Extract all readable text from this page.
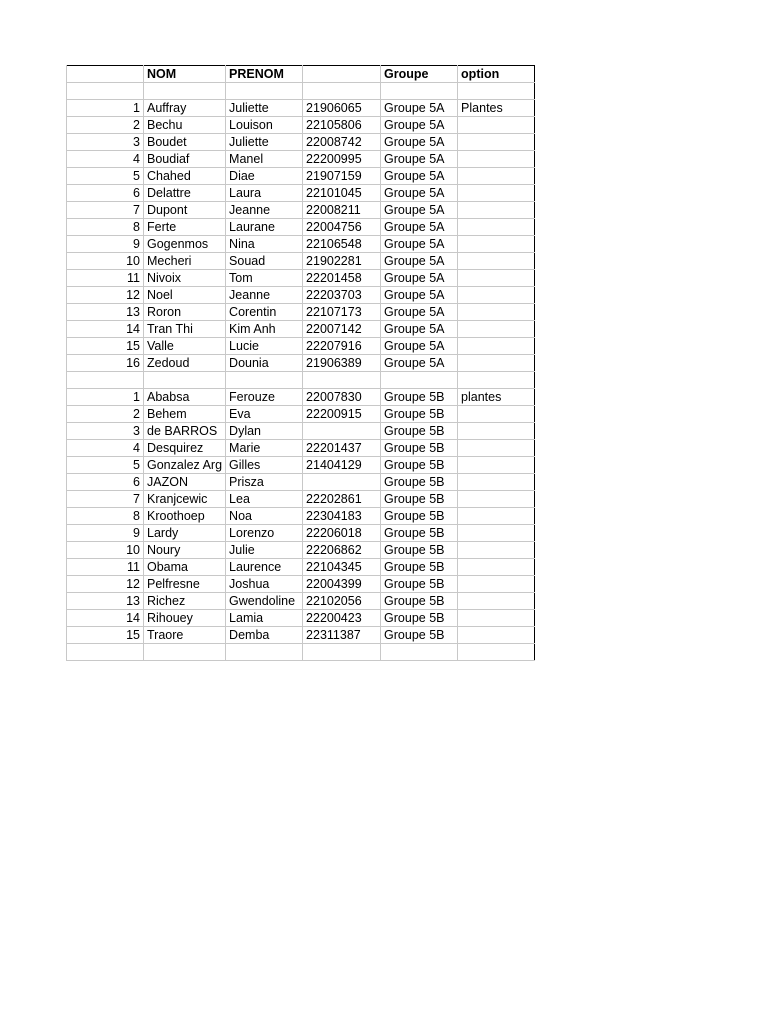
	NOM	PRENOM		Groupe	option

1	Auffray	Juliette	21906065	Groupe 5A	Plantes
2	Bechu	Louison	22105806	Groupe 5A	
3	Boudet	Juliette	22008742	Groupe 5A	
4	Boudiaf	Manel	22200995	Groupe 5A	
5	Chahed	Diae	21907159	Groupe 5A	
6	Delattre	Laura	22101045	Groupe 5A	
7	Dupont	Jeanne	22008211	Groupe 5A	
8	Ferte	Laurane	22004756	Groupe 5A	
9	Gogenmos	Nina	22106548	Groupe 5A	
10	Mecheri	Souad	21902281	Groupe 5A	
11	Nivoix	Tom	22201458	Groupe 5A	
12	Noel	Jeanne	22203703	Groupe 5A	
13	Roron	Corentin	22107173	Groupe 5A	
14	Tran Thi	Kim Anh	22007142	Groupe 5A	
15	Valle	Lucie	22207916	Groupe 5A	
16	Zedoud	Dounia	21906389	Groupe 5A	

1	Ababsa	Ferouze	22007830	Groupe 5B	plantes
2	Behem	Eva	22200915	Groupe 5B	
3	de BARROS	Dylan		Groupe 5B	
4	Desquirez	Marie	22201437	Groupe 5B	
5	Gonzalez Arg	Gilles	21404129	Groupe 5B	
6	JAZON	Prisza		Groupe 5B	
7	Kranjcewic	Lea	22202861	Groupe 5B	
8	Kroothoep	Noa	22304183	Groupe 5B	
9	Lardy	Lorenzo	22206018	Groupe 5B	
10	Noury	Julie	22206862	Groupe 5B	
11	Obama	Laurence	22104345	Groupe 5B	
12	Pelfresne	Joshua	22004399	Groupe 5B	
13	Richez	Gwendoline	22102056	Groupe 5B	
14	Rihouey	Lamia	22200423	Groupe 5B	
15	Traore	Demba	22311387	Groupe 5B	
